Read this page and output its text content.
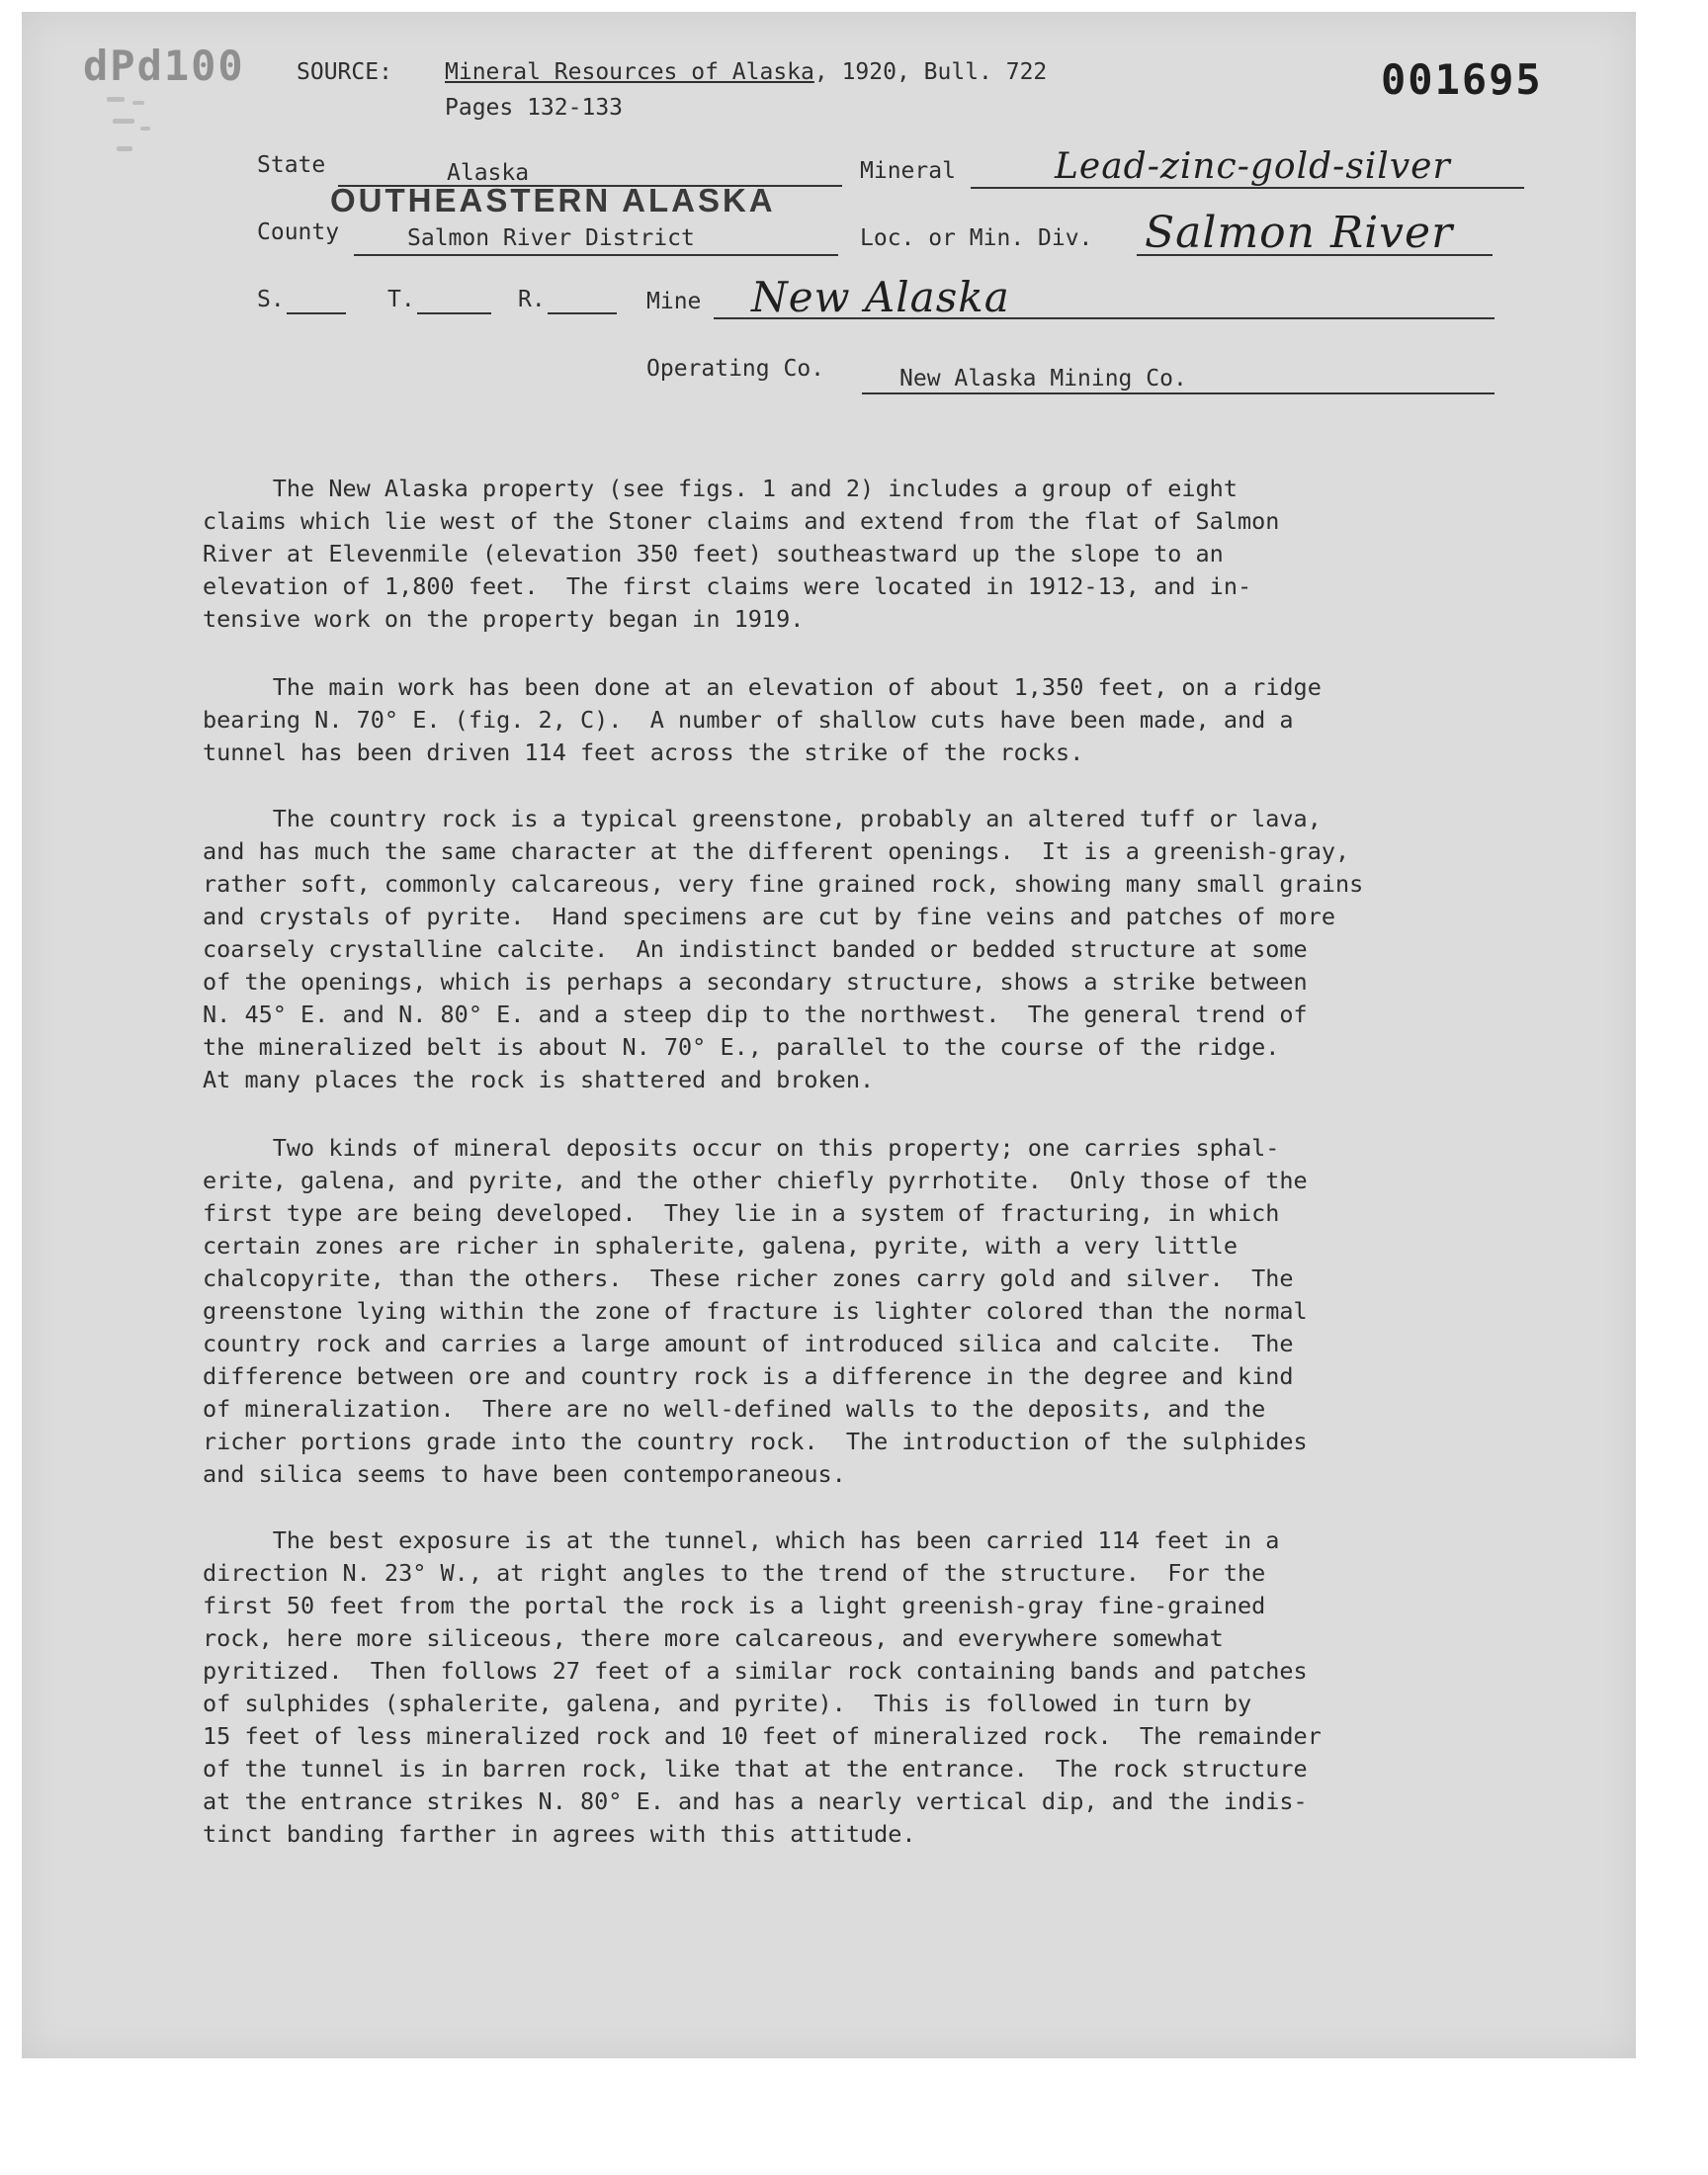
dPd100 SOURCE: Mineral Resources of Alaska, 1920, Bull. 722
Pages 132-133
001695
State	Alaska
OUTHEASTERN ALASKA
Mineral	Lead-zinc-gold-silver
County	Salmon River District	Loc. or Min. Div. Salmon River
S.	T.	R.	Mine New Alaska
Operating Co.	New Alaska Mining Co.
The New Alaska property (see figs. 1 and 2) includes a group of eight
claims which lie west of the Stoner claims and extend from the flat of Salmon
River at Elevenmile (elevation 350 feet) southeastward up the slope to an
elevation of 1,800 feet.  The first claims were located in 1912-13, and in-
tensive work on the property began in 1919.
The main work has been done at an elevation of about 1,350 feet, on a ridge
bearing N. 70° E. (fig. 2, C).  A number of shallow cuts have been made, and a
tunnel has been driven 114 feet across the strike of the rocks.
The country rock is a typical greenstone, probably an altered tuff or lava,
and has much the same character at the different openings.  It is a greenish-gray,
rather soft, commonly calcareous, very fine grained rock, showing many small grains
and crystals of pyrite.  Hand specimens are cut by fine veins and patches of more
coarsely crystalline calcite.  An indistinct banded or bedded structure at some
of the openings, which is perhaps a secondary structure, shows a strike between
N. 45° E. and N. 80° E. and a steep dip to the northwest.  The general trend of
the mineralized belt is about N. 70° E., parallel to the course of the ridge.
At many places the rock is shattered and broken.
Two kinds of mineral deposits occur on this property; one carries sphal-
erite, galena, and pyrite, and the other chiefly pyrrhotite.  Only those of the
first type are being developed.  They lie in a system of fracturing, in which
certain zones are richer in sphalerite, galena, pyrite, with a very little
chalcopyrite, than the others.  These richer zones carry gold and silver.  The
greenstone lying within the zone of fracture is lighter colored than the normal
country rock and carries a large amount of introduced silica and calcite.  The
difference between ore and country rock is a difference in the degree and kind
of mineralization.  There are no well-defined walls to the deposits, and the
richer portions grade into the country rock.  The introduction of the sulphides
and silica seems to have been contemporaneous.
The best exposure is at the tunnel, which has been carried 114 feet in a
direction N. 23° W., at right angles to the trend of the structure.  For the
first 50 feet from the portal the rock is a light greenish-gray fine-grained
rock, here more siliceous, there more calcareous, and everywhere somewhat
pyritized.  Then follows 27 feet of a similar rock containing bands and patches
of sulphides (sphalerite, galena, and pyrite).  This is followed in turn by
15 feet of less mineralized rock and 10 feet of mineralized rock.  The remainder
of the tunnel is in barren rock, like that at the entrance.  The rock structure
at the entrance strikes N. 80° E. and has a nearly vertical dip, and the indis-
tinct banding farther in agrees with this attitude.
